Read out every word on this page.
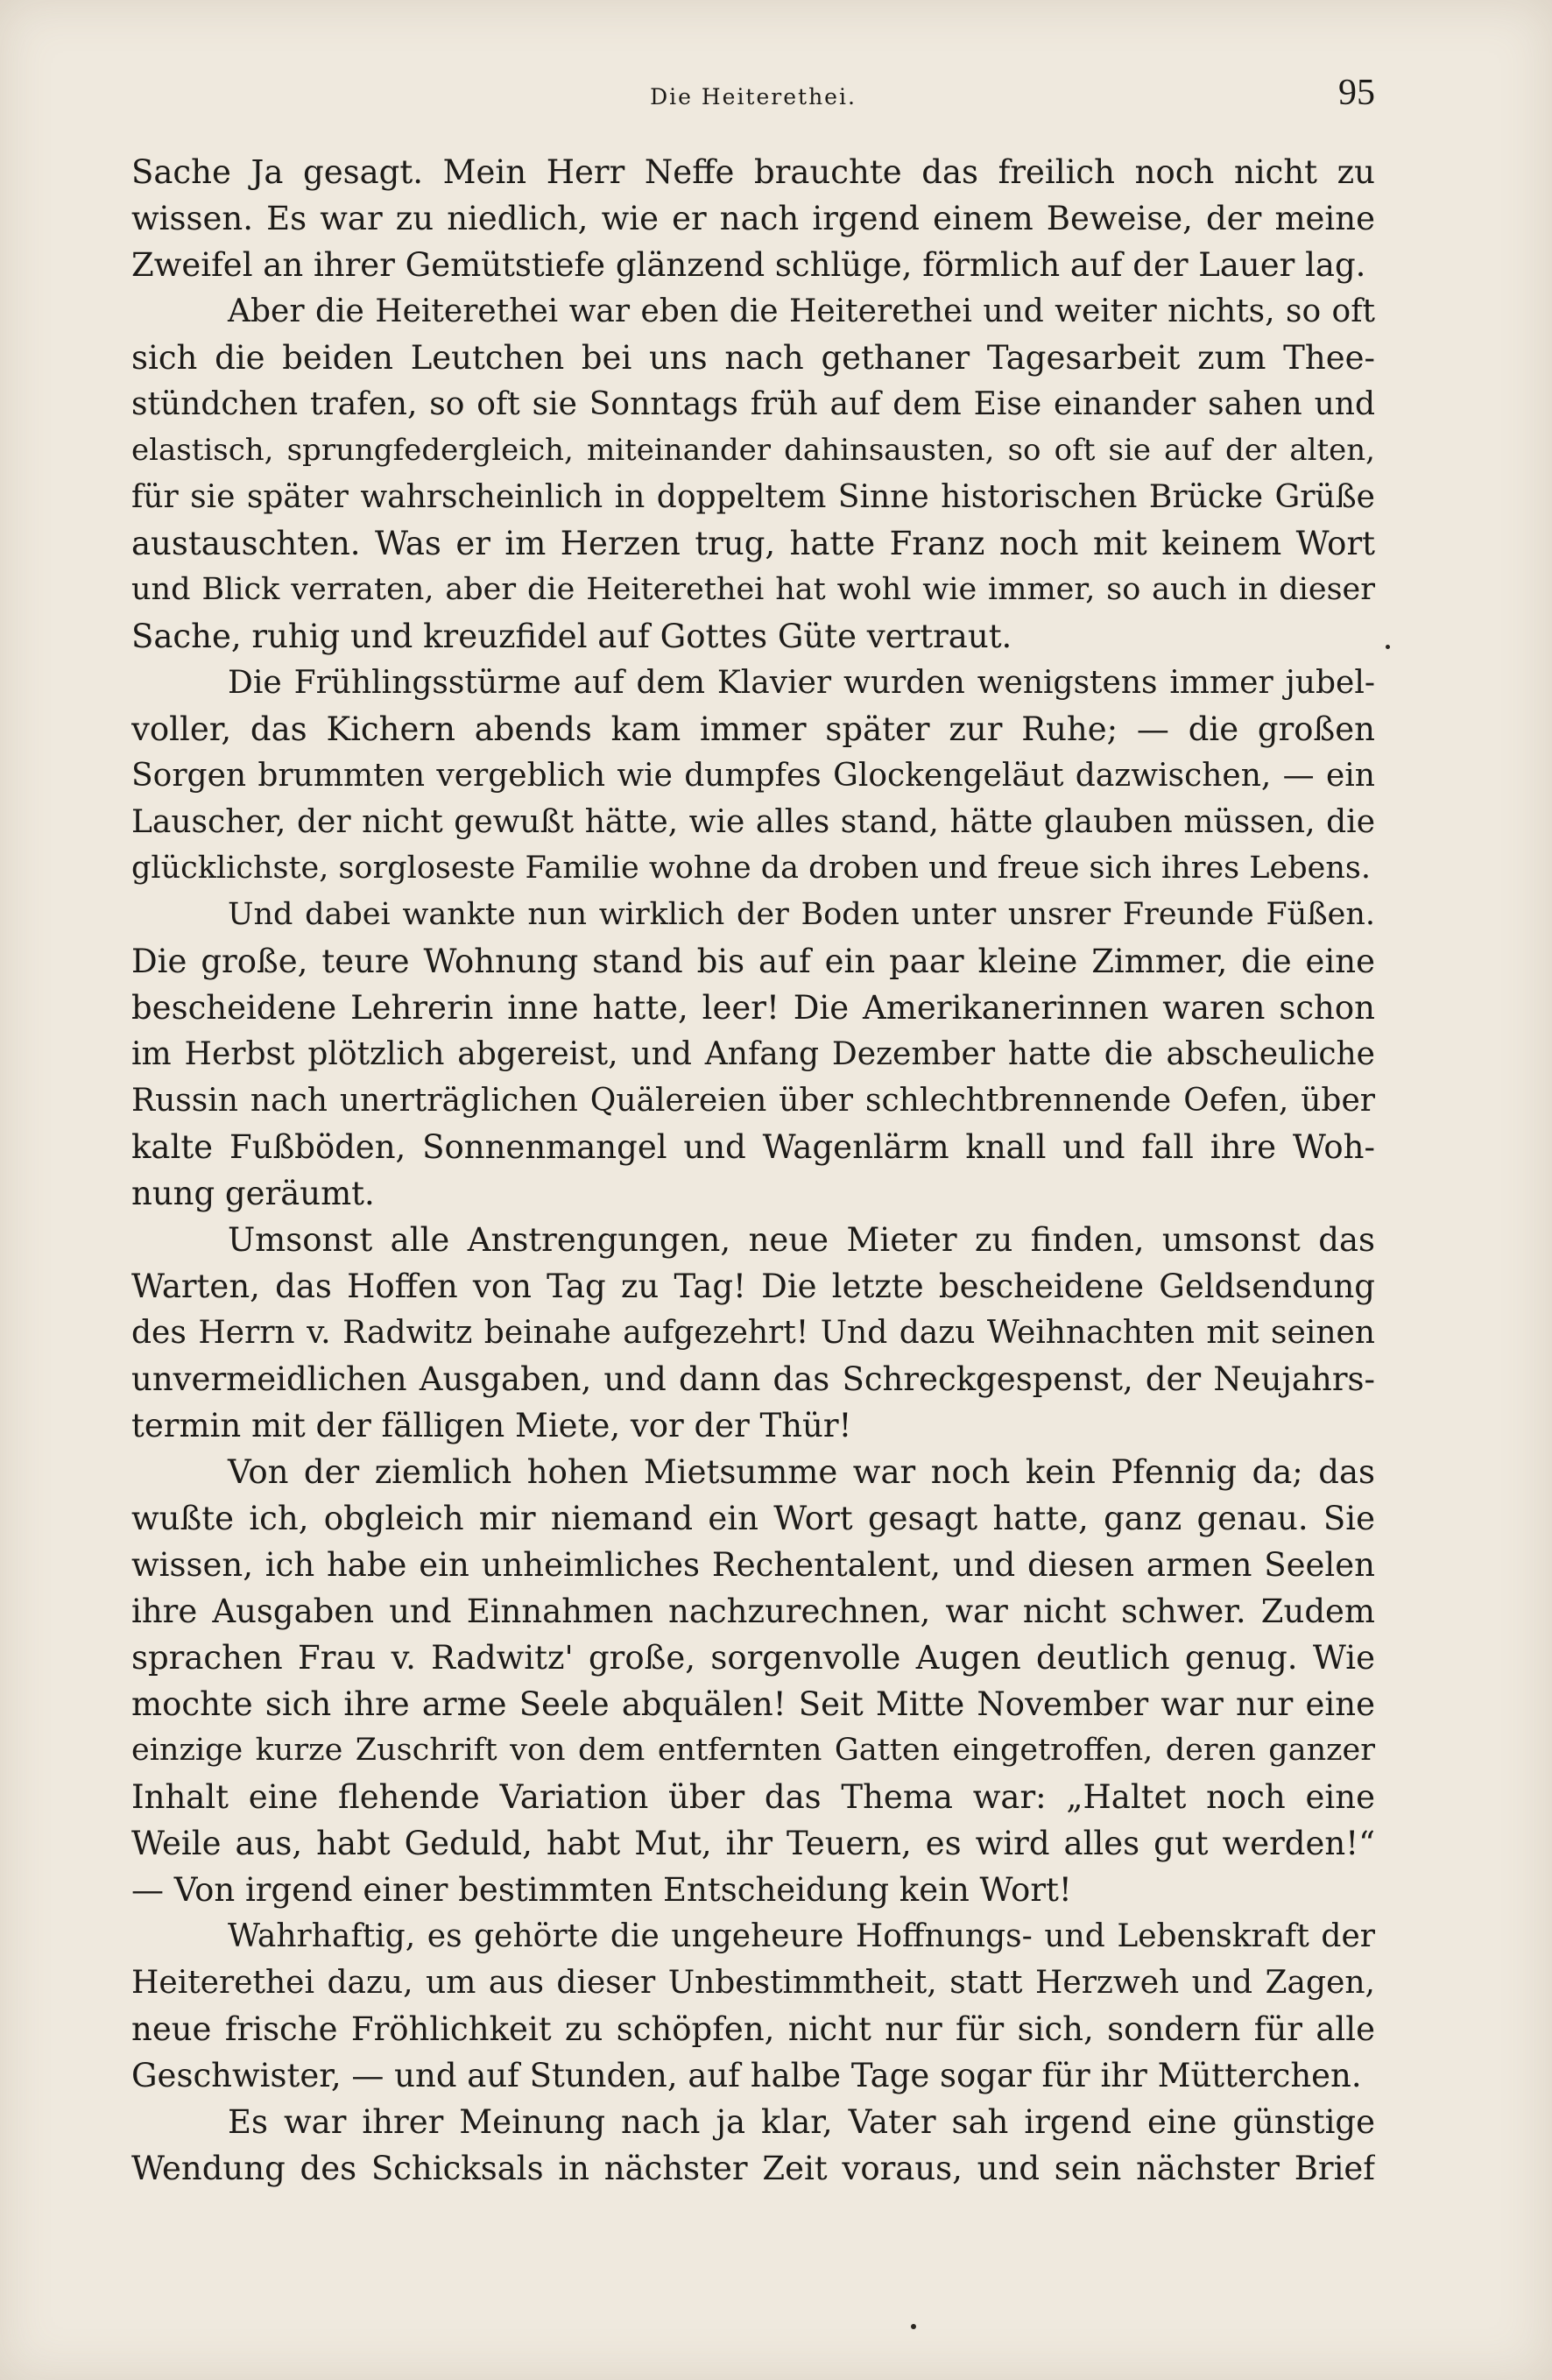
Die Heiterethei.	95
Sache Ja gesagt. Mein Herr Neffe brauchte das freilich noch nicht zu
wissen. Es war zu niedlich, wie er nach irgend einem Beweise, der meine
Zweifel an ihrer Gemütstiefe glänzend schlüge, förmlich auf der Lauer lag.
Aber die Heiterethei war eben die Heiterethei und weiter nichts, so oft
sich die beiden Leutchen bei uns nach gethaner Tagesarbeit zum Thee-
stündchen trafen, so oft sie Sonntags früh auf dem Eise einander sahen und
elastisch, sprungfedergleich, miteinander dahinsausten, so oft sie auf der alten,
für sie später wahrscheinlich in doppeltem Sinne historischen Brücke Grüße
austauschten. Was er im Herzen trug, hatte Franz noch mit keinem Wort
und Blick verraten, aber die Heiterethei hat wohl wie immer, so auch in dieser
Sache, ruhig und kreuzfidel auf Gottes Güte vertraut.
Die Frühlingsstürme auf dem Klavier wurden wenigstens immer jubel-
voller, das Kichern abends kam immer später zur Ruhe; — die großen
Sorgen brummten vergeblich wie dumpfes Glockengeläut dazwischen, — ein
Lauscher, der nicht gewußt hätte, wie alles stand, hätte glauben müssen, die
glücklichste, sorgloseste Familie wohne da droben und freue sich ihres Lebens.
Und dabei wankte nun wirklich der Boden unter unsrer Freunde Füßen.
Die große, teure Wohnung stand bis auf ein paar kleine Zimmer, die eine
bescheidene Lehrerin inne hatte, leer! Die Amerikanerinnen waren schon
im Herbst plötzlich abgereist, und Anfang Dezember hatte die abscheuliche
Russin nach unerträglichen Quälereien über schlechtbrennende Oefen, über
kalte Fußböden, Sonnenmangel und Wagenlärm knall und fall ihre Woh-
nung geräumt.
Umsonst alle Anstrengungen, neue Mieter zu finden, umsonst das
Warten, das Hoffen von Tag zu Tag! Die letzte bescheidene Geldsendung
des Herrn v. Radwitz beinahe aufgezehrt! Und dazu Weihnachten mit seinen
unvermeidlichen Ausgaben, und dann das Schreckgespenst, der Neujahrs-
termin mit der fälligen Miete, vor der Thür!
Von der ziemlich hohen Mietsumme war noch kein Pfennig da; das
wußte ich, obgleich mir niemand ein Wort gesagt hatte, ganz genau. Sie
wissen, ich habe ein unheimliches Rechentalent, und diesen armen Seelen
ihre Ausgaben und Einnahmen nachzurechnen, war nicht schwer. Zudem
sprachen Frau v. Radwitz' große, sorgenvolle Augen deutlich genug. Wie
mochte sich ihre arme Seele abquälen! Seit Mitte November war nur eine
einzige kurze Zuschrift von dem entfernten Gatten eingetroffen, deren ganzer
Inhalt eine flehende Variation über das Thema war: „Haltet noch eine
Weile aus, habt Geduld, habt Mut, ihr Teuern, es wird alles gut werden!“
— Von irgend einer bestimmten Entscheidung kein Wort!
Wahrhaftig, es gehörte die ungeheure Hoffnungs- und Lebenskraft der
Heiterethei dazu, um aus dieser Unbestimmtheit, statt Herzweh und Zagen,
neue frische Fröhlichkeit zu schöpfen, nicht nur für sich, sondern für alle
Geschwister, — und auf Stunden, auf halbe Tage sogar für ihr Mütterchen.
Es war ihrer Meinung nach ja klar, Vater sah irgend eine günstige
Wendung des Schicksals in nächster Zeit voraus, und sein nächster Brief
